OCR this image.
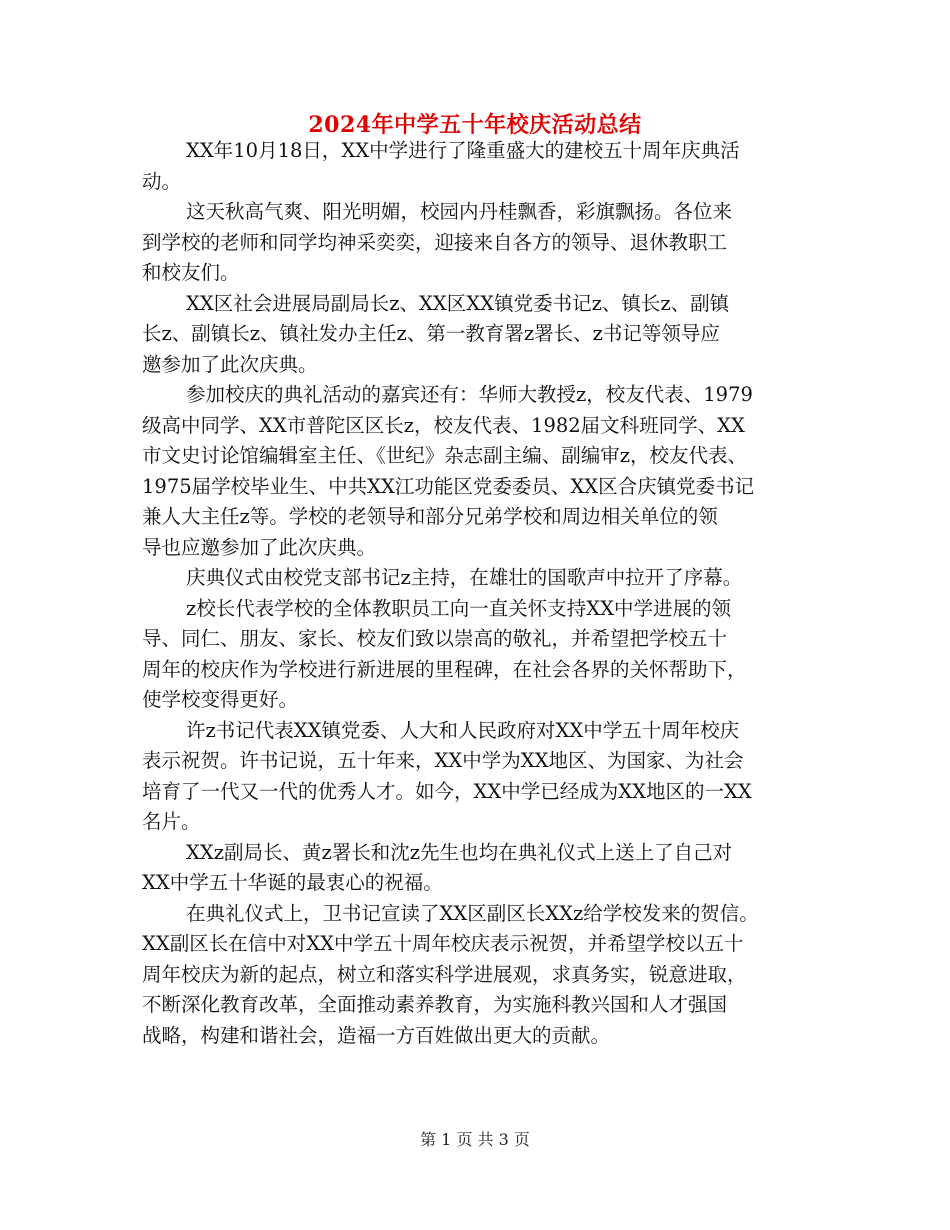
2024年中学五十年校庆活动总结

XX年10月18日，XX中学进行了隆重盛大的建校五十周年庆典活
动。

这天秋高气爽、阳光明媚，校园内丹桂飘香，彩旗飘扬。各位来
到学校的老师和同学均神采奕奕，迎接来自各方的领导、退休教职工
和校友们。

XX区社会进展局副局长z、XX区XX镇党委书记z、镇长z、副镇
长z、副镇长z、镇社发办主任z、第一教育署z署长、z书记等领导应
邀参加了此次庆典。

参加校庆的典礼活动的嘉宾还有：华师大教授z，校友代表、1979
级高中同学、XX市普陀区区长z，校友代表、1982届文科班同学、XX
市文史讨论馆编辑室主任、《世纪》杂志副主编、副编审z，校友代表、
1975届学校毕业生、中共XX江功能区党委委员、XX区合庆镇党委书记
兼人大主任z等。学校的老领导和部分兄弟学校和周边相关单位的领
导也应邀参加了此次庆典。

庆典仪式由校党支部书记z主持，在雄壮的国歌声中拉开了序幕。

z校长代表学校的全体教职员工向一直关怀支持XX中学进展的领
导、同仁、朋友、家长、校友们致以崇高的敬礼，并希望把学校五十
周年的校庆作为学校进行新进展的里程碑，在社会各界的关怀帮助下，
使学校变得更好。

许z书记代表XX镇党委、人大和人民政府对XX中学五十周年校庆
表示祝贺。许书记说，五十年来，XX中学为XX地区、为国家、为社会
培育了一代又一代的优秀人才。如今，XX中学已经成为XX地区的一XX
名片。

XXz副局长、黄z署长和沈z先生也均在典礼仪式上送上了自己对
XX中学五十华诞的最衷心的祝福。

在典礼仪式上，卫书记宣读了XX区副区长XXz给学校发来的贺信。
XX副区长在信中对XX中学五十周年校庆表示祝贺，并希望学校以五十
周年校庆为新的起点，树立和落实科学进展观，求真务实，锐意进取，
不断深化教育改革，全面推动素养教育，为实施科教兴国和人才强国
战略，构建和谐社会，造福一方百姓做出更大的贡献。

第 1 页 共 3 页
